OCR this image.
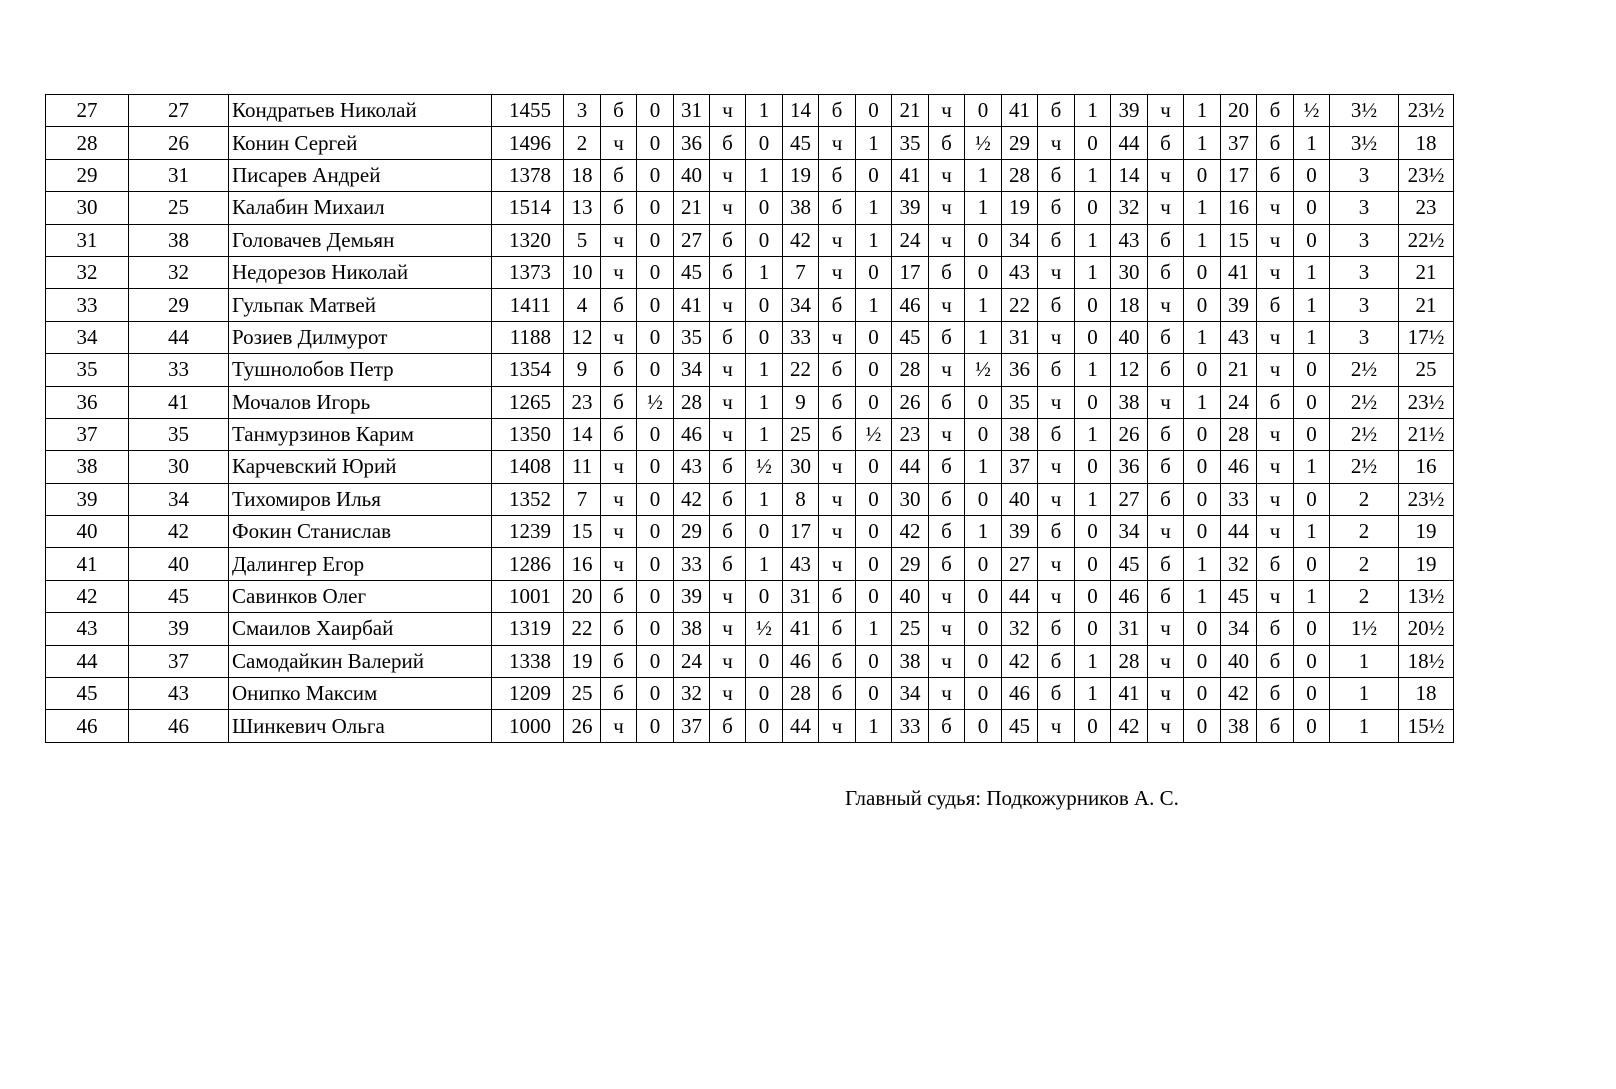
27	27	Кондратьев Николай	1455	3	б	0	31	ч	1	14	б	0	21	ч	0	41	б	1	39	ч	1	20	б	½	3½	23½
28	26	Конин Сергей	1496	2	ч	0	36	б	0	45	ч	1	35	б	½	29	ч	0	44	б	1	37	б	1	3½	18
29	31	Писарев Андрей	1378	18	б	0	40	ч	1	19	б	0	41	ч	1	28	б	1	14	ч	0	17	б	0	3	23½
30	25	Калабин Михаил	1514	13	б	0	21	ч	0	38	б	1	39	ч	1	19	б	0	32	ч	1	16	ч	0	3	23
31	38	Головачев Демьян	1320	5	ч	0	27	б	0	42	ч	1	24	ч	0	34	б	1	43	б	1	15	ч	0	3	22½
32	32	Недорезов Николай	1373	10	ч	0	45	б	1	7	ч	0	17	б	0	43	ч	1	30	б	0	41	ч	1	3	21
33	29	Гульпак Матвей	1411	4	б	0	41	ч	0	34	б	1	46	ч	1	22	б	0	18	ч	0	39	б	1	3	21
34	44	Розиев Дилмурот	1188	12	ч	0	35	б	0	33	ч	0	45	б	1	31	ч	0	40	б	1	43	ч	1	3	17½
35	33	Тушнолобов Петр	1354	9	б	0	34	ч	1	22	б	0	28	ч	½	36	б	1	12	б	0	21	ч	0	2½	25
36	41	Мочалов Игорь	1265	23	б	½	28	ч	1	9	б	0	26	б	0	35	ч	0	38	ч	1	24	б	0	2½	23½
37	35	Танмурзинов Карим	1350	14	б	0	46	ч	1	25	б	½	23	ч	0	38	б	1	26	б	0	28	ч	0	2½	21½
38	30	Карчевский Юрий	1408	11	ч	0	43	б	½	30	ч	0	44	б	1	37	ч	0	36	б	0	46	ч	1	2½	16
39	34	Тихомиров Илья	1352	7	ч	0	42	б	1	8	ч	0	30	б	0	40	ч	1	27	б	0	33	ч	0	2	23½
40	42	Фокин Станислав	1239	15	ч	0	29	б	0	17	ч	0	42	б	1	39	б	0	34	ч	0	44	ч	1	2	19
41	40	Далингер Егор	1286	16	ч	0	33	б	1	43	ч	0	29	б	0	27	ч	0	45	б	1	32	б	0	2	19
42	45	Савинков Олег	1001	20	б	0	39	ч	0	31	б	0	40	ч	0	44	ч	0	46	б	1	45	ч	1	2	13½
43	39	Смаилов Хаирбай	1319	22	б	0	38	ч	½	41	б	1	25	ч	0	32	б	0	31	ч	0	34	б	0	1½	20½
44	37	Самодайкин Валерий	1338	19	б	0	24	ч	0	46	б	0	38	ч	0	42	б	1	28	ч	0	40	б	0	1	18½
45	43	Онипко Максим	1209	25	б	0	32	ч	0	28	б	0	34	ч	0	46	б	1	41	ч	0	42	б	0	1	18
46	46	Шинкевич Ольга	1000	26	ч	0	37	б	0	44	ч	1	33	б	0	45	ч	0	42	ч	0	38	б	0	1	15½
Главный судья: Подкожурников А. С.
